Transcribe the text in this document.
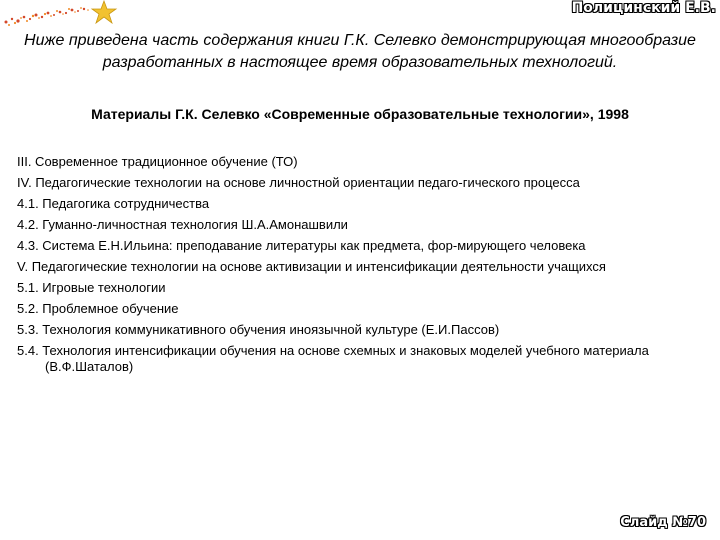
Полицинский Е.В.
Ниже приведена часть содержания книги Г.К. Селевко демонстрирующая многообразие разработанных в настоящее время образовательных технологий.
Материалы Г.К. Селевко «Современные образовательные технологии», 1998
III. Современное традиционное обучение (ТО)
IV. Педагогические технологии на основе личностной ориентации педаго-гического процесса
4.1. Педагогика сотрудничества
4.2. Гуманно-личностная технология Ш.А.Амонашвили
4.3. Система Е.Н.Ильина: преподавание литературы как предмета, фор-мирующего человека
V. Педагогические технологии на основе активизации и интенсификации деятельности учащихся
5.1. Игровые технологии
5.2. Проблемное обучение
5.3. Технология коммуникативного обучения иноязычной культуре (Е.И.Пассов)
5.4. Технология интенсификации обучения на основе схемных и знаковых моделей учебного материала (В.Ф.Шаталов)
Слайд №70
